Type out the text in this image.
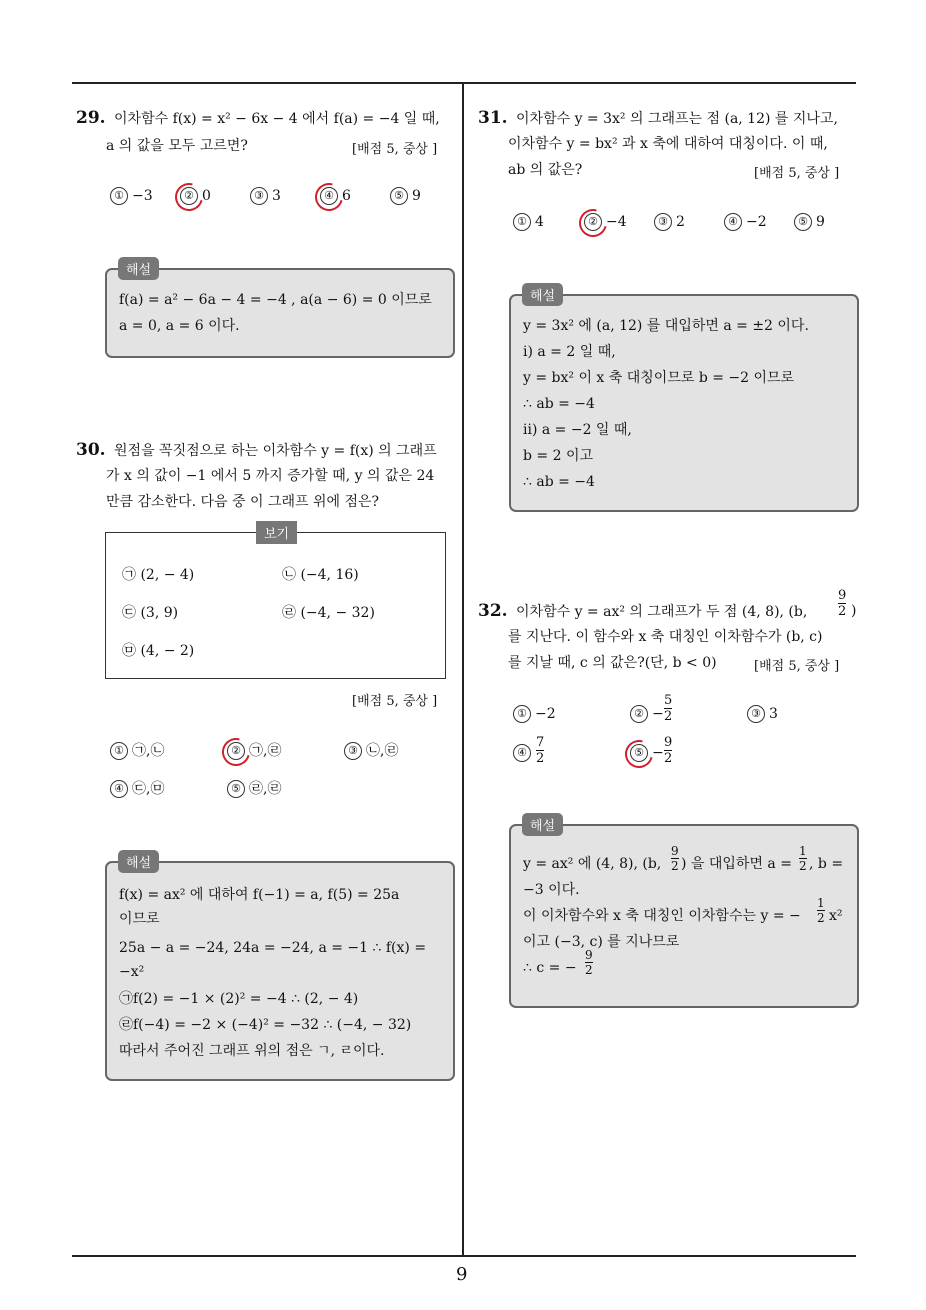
29. 이차함수 f(x) = x² − 6x − 4 에서 f(a) = −4 일 때,
a 의 값을 모두 고르면?	[배점 5, 중상 ]
① −3	② 0	③ 3	④ 6	⑤ 9
f(a) = a² − 6a − 4 = −4 , a(a − 6) = 0 이므로
a = 0, a = 6 이다.
해설
30. 원점을 꼭짓점으로 하는 이차함수 y = f(x) 의 그래프
가 x 의 값이 −1 에서 5 까지 증가할 때, y 의 값은 24
만큼 감소한다. 다음 중 이 그래프 위에 점은?
㉠ (2, − 4)	㉡ (−4, 16)
㉢ (3, 9)	㉣ (−4, − 32)
㉤ (4, − 2)
보기
[배점 5, 중상 ]
① ㉠,㉡	② ㉠,㉣	③ ㉡,㉣
④ ㉢,㉤	⑤ ㉣,㉣
f(x) = ax² 에 대하여 f(−1) = a, f(5) = 25a
이므로
25a − a = −24, 24a = −24, a = −1 ∴ f(x) =
−x²
㉠f(2) = −1 × (2)² = −4 ∴ (2, − 4)
㉣f(−4) = −2 × (−4)² = −32 ∴ (−4, − 32)
따라서 주어진 그래프 위의 점은 ㄱ, ㄹ이다.
해설
31. 이차함수 y = 3x² 의 그래프는 점 (a, 12) 를 지나고,
이차함수 y = bx² 과 x 축에 대하여 대칭이다. 이 때,
ab 의 값은?	[배점 5, 중상 ]
① 4	② −4	③ 2	④ −2	⑤ 9
y = 3x² 에 (a, 12) 를 대입하면 a = ±2 이다.
i) a = 2 일 때,
y = bx² 이 x 축 대칭이므로 b = −2 이므로
∴ ab = −4
ii) a = −2 일 때,
b = 2 이고
∴ ab = −4
해설
32. 이차함수 y = ax² 의 그래프가 두 점 (4, 8), (b,
9
2 )
를 지난다. 이 함수와 x 축 대칭인 이차함수가 (b, c)
를 지날 때, c 의 값은?(단, b < 0)	[배점 5, 중상 ]
① −2	② −
5
2	③ 3
④
7
2	⑤ −
9
2
y = ax² 에 (4, 8), (b,
9
2 ) 을 대입하면 a =
1
2 , b =
−3 이다.
이 이차함수와 x 축 대칭인 이차함수는 y = −
1
2 x²
이고 (−3, c) 를 지나므로
∴ c = −
9
2
해설
9
